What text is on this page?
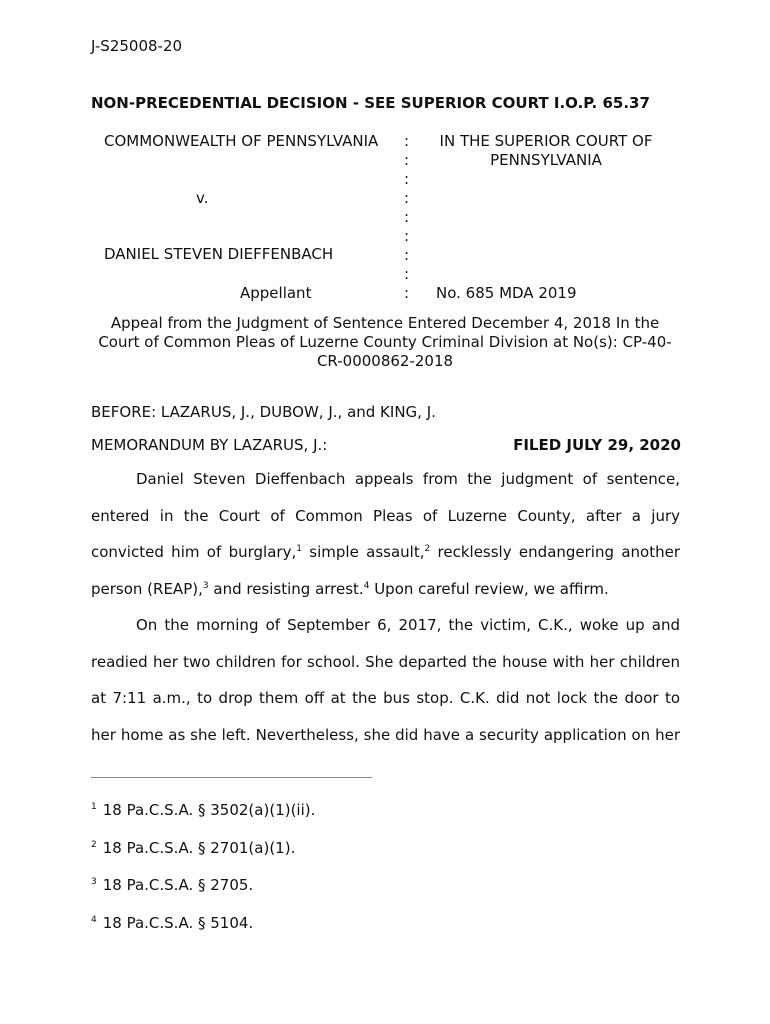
J-S25008-20
NON-PRECEDENTIAL DECISION - SEE SUPERIOR COURT I.O.P. 65.37
COMMONWEALTH OF PENNSYLVANIA
v.
DANIEL STEVEN DIEFFENBACH
Appellant
:
:
:
:
:
:
:
:
:
IN THE SUPERIOR COURT OF PENNSYLVANIA
No. 685 MDA 2019
Appeal from the Judgment of Sentence Entered December 4, 2018 In the Court of Common Pleas of Luzerne County Criminal Division at No(s): CP-40-CR-0000862-2018
BEFORE: LAZARUS, J., DUBOW, J., and KING, J.
MEMORANDUM BY LAZARUS, J.:	FILED JULY 29, 2020
Daniel Steven Dieffenbach appeals from the judgment of sentence,
entered in the Court of Common Pleas of Luzerne County, after a jury
convicted him of burglary,$^1$ simple assault,$^2$ recklessly endangering another
person (REAP),$^3$ and resisting arrest.$^4$ Upon careful review, we affirm.
On the morning of September 6, 2017, the victim, C.K., woke up and
readied her two children for school. She departed the house with her children
at 7:11 a.m., to drop them off at the bus stop. C.K. did not lock the door to
her home as she left. Nevertheless, she did have a security application on her
$^1$ 18 Pa.C.S.A. § 3502(a)(1)(ii).
$^2$ 18 Pa.C.S.A. § 2701(a)(1).
$^3$ 18 Pa.C.S.A. § 2705.
$^4$ 18 Pa.C.S.A. § 5104.
